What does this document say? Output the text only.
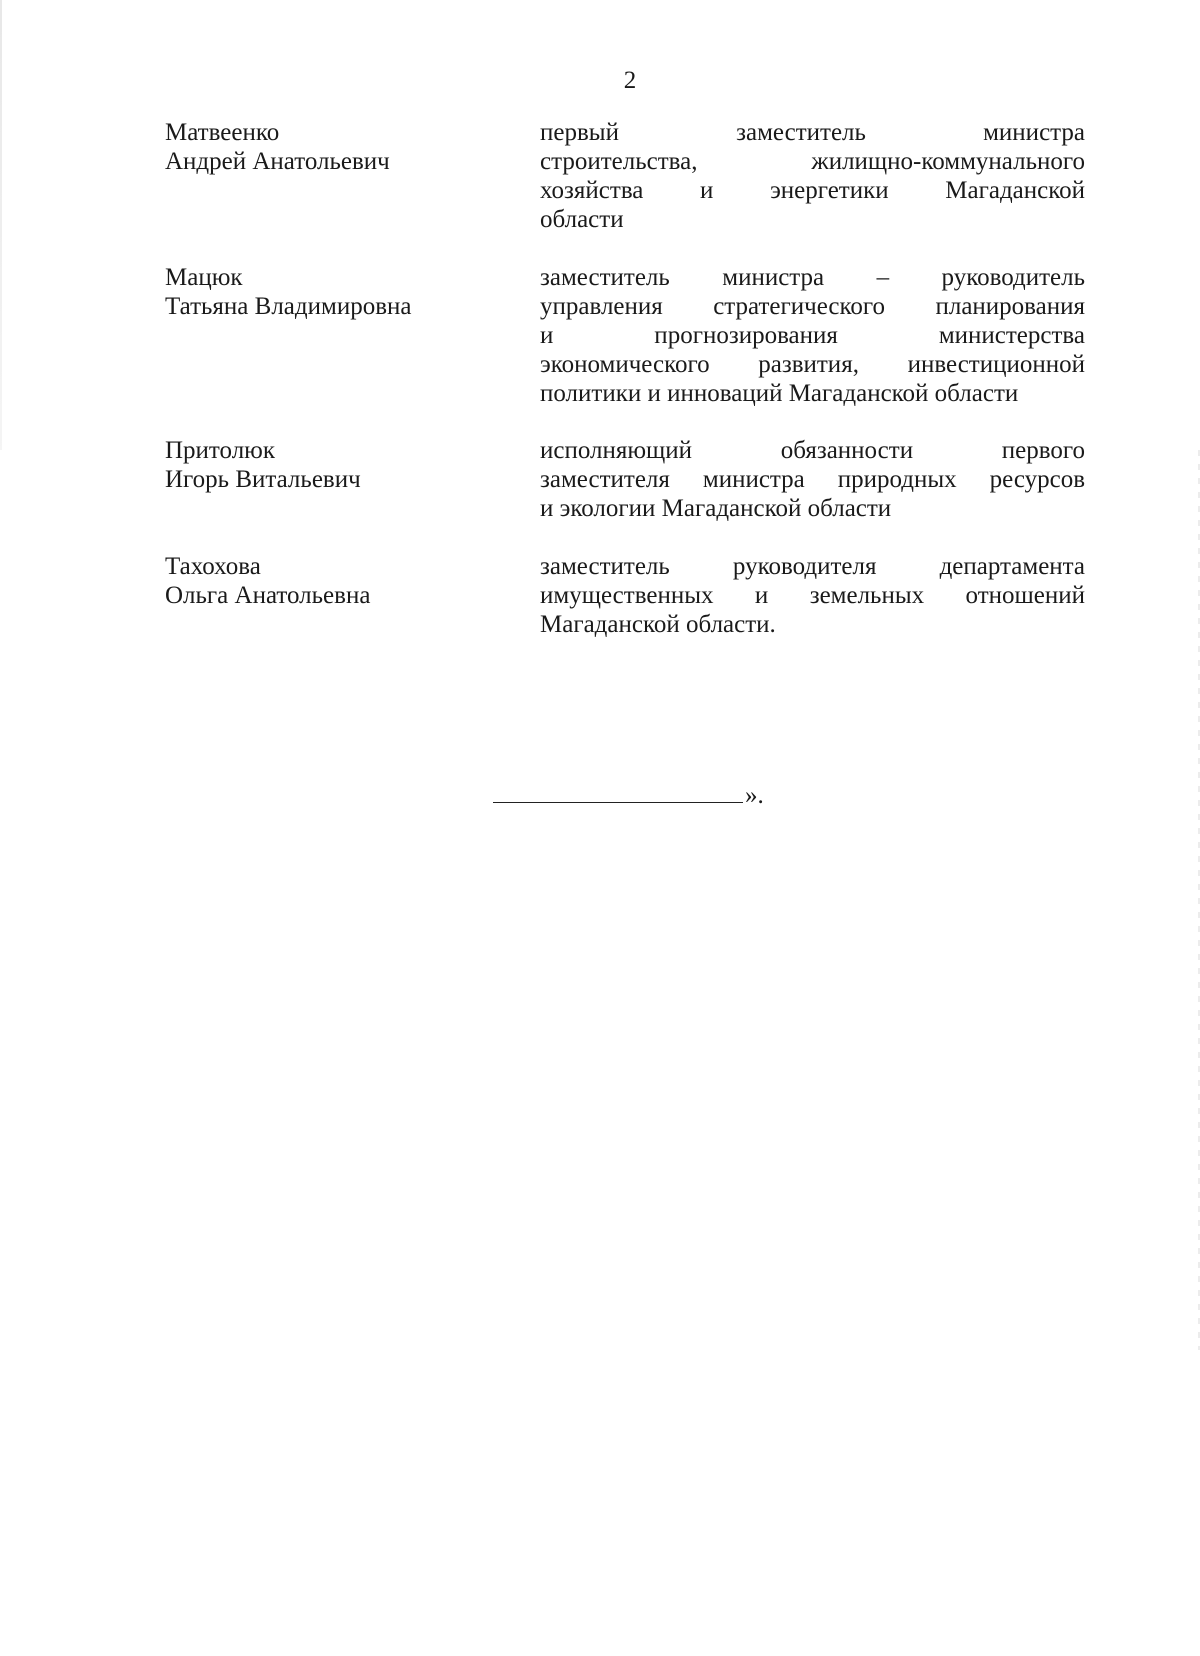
2
Матвеенко
Андрей Анатольевич
первый заместитель министра
строительства, жилищно-коммунального
хозяйства и энергетики Магаданской
области
Мацюк
Татьяна Владимировна
заместитель министра – руководитель
управления стратегического планирования
и прогнозирования министерства
экономического развития, инвестиционной
политики и инноваций Магаданской области
Притолюк
Игорь Витальевич
исполняющий обязанности первого
заместителя министра природных ресурсов
и экологии Магаданской области
Тахохова
Ольга Анатольевна
заместитель руководителя департамента
имущественных и земельных отношений
Магаданской области.
».
